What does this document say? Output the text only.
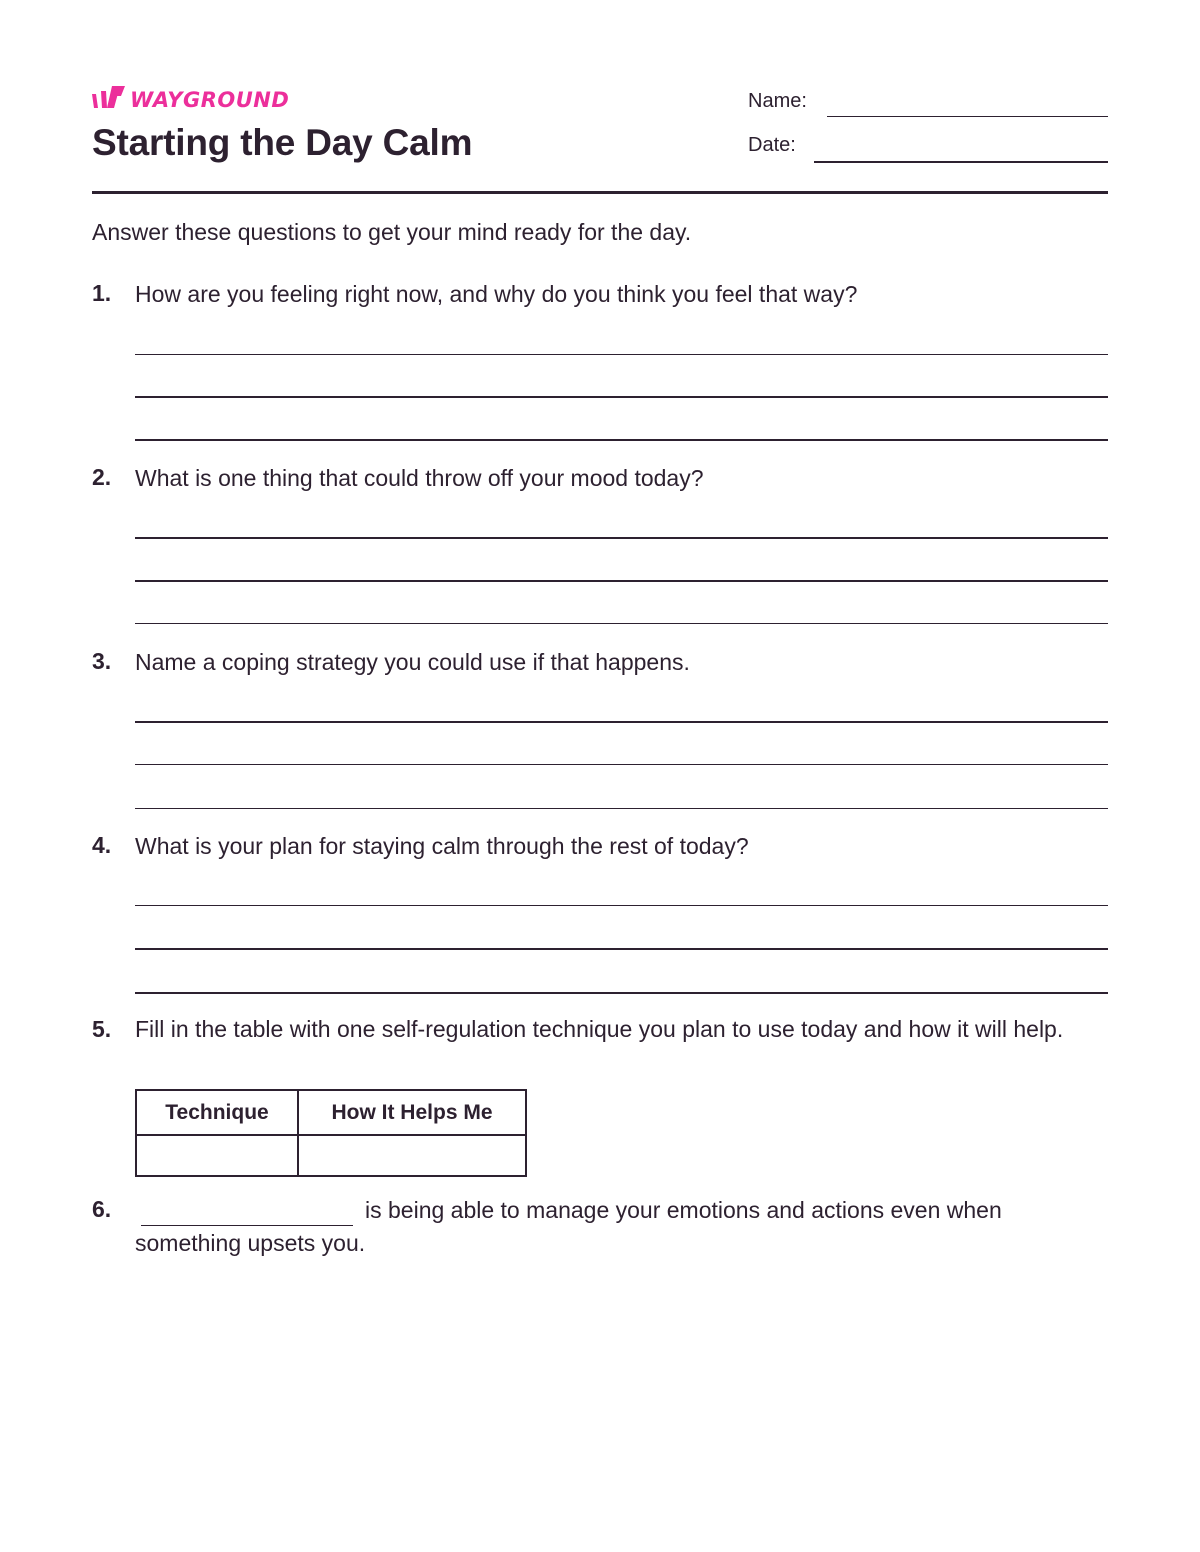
WAYGROUND
Starting the Day Calm
Name:
Date:
Answer these questions to get your mind ready for the day.
1. How are you feeling right now, and why do you think you feel that way?
2. What is one thing that could throw off your mood today?
3. Name a coping strategy you could use if that happens.
4. What is your plan for staying calm through the rest of today?
5. Fill in the table with one self-regulation technique you plan to use today and how it will help.
Technique	How It Helps Me

6.	is being able to manage your emotions and actions even when something upsets you.
